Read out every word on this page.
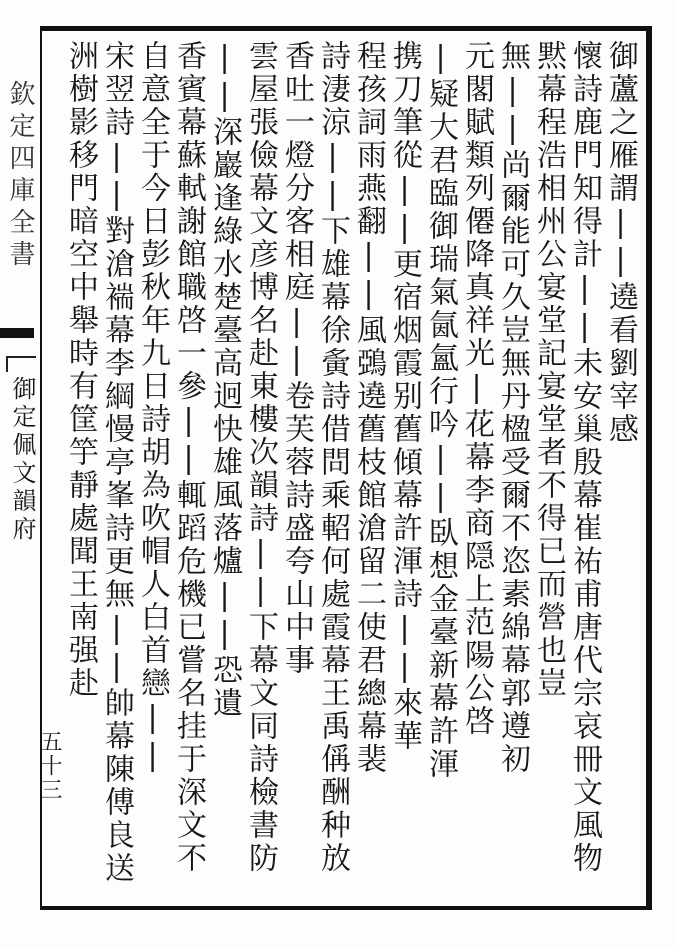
欽定四庫全書
御定佩文韻府
五十三
御蘆之雁謂||遶看劉宰感
懷詩鹿門知得計||未安巢殷幕崔祐甫唐代宗哀冊文風物
黙幕程浩相州公宴堂記宴堂者不得已而營也豈
無||尚爾能可久豈無丹楹受爾不恣素綿幕郭遵初
元閣賦類列僊降真祥光|花幕李商隠上范陽公啓
|疑大君臨御瑞氣氤氳行吟||臥想金臺新幕許渾
携刀筆從||更宿烟霞别舊傾幕許渾詩||來華
程孩詞雨燕翻||風鵶遶舊枝館滄留二使君總幕裴
詩淒涼||下雄幕徐夤詩借問乘軺何處霞幕王禹偁酬种放
香吐一燈分客相庭||卷芙蓉詩盛夸山中事
雲屋張儉幕文彦博名赴東樓次韻詩||下幕文同詩檢書防
||深巖逢綠水楚臺高迥快雄風落爐||恐遺
香賓幕蘇軾謝館職啓一參||輒蹈危機已嘗名挂于深文不
自意全于今日彭秋年九日詩胡為吹帽人白首戀||
宋翌詩||對滄褍幕李綱慢亭峯詩更無||帥幕陳傅良送
洲樹影移門暗空中舉時有筐竽靜處聞王南强赴
